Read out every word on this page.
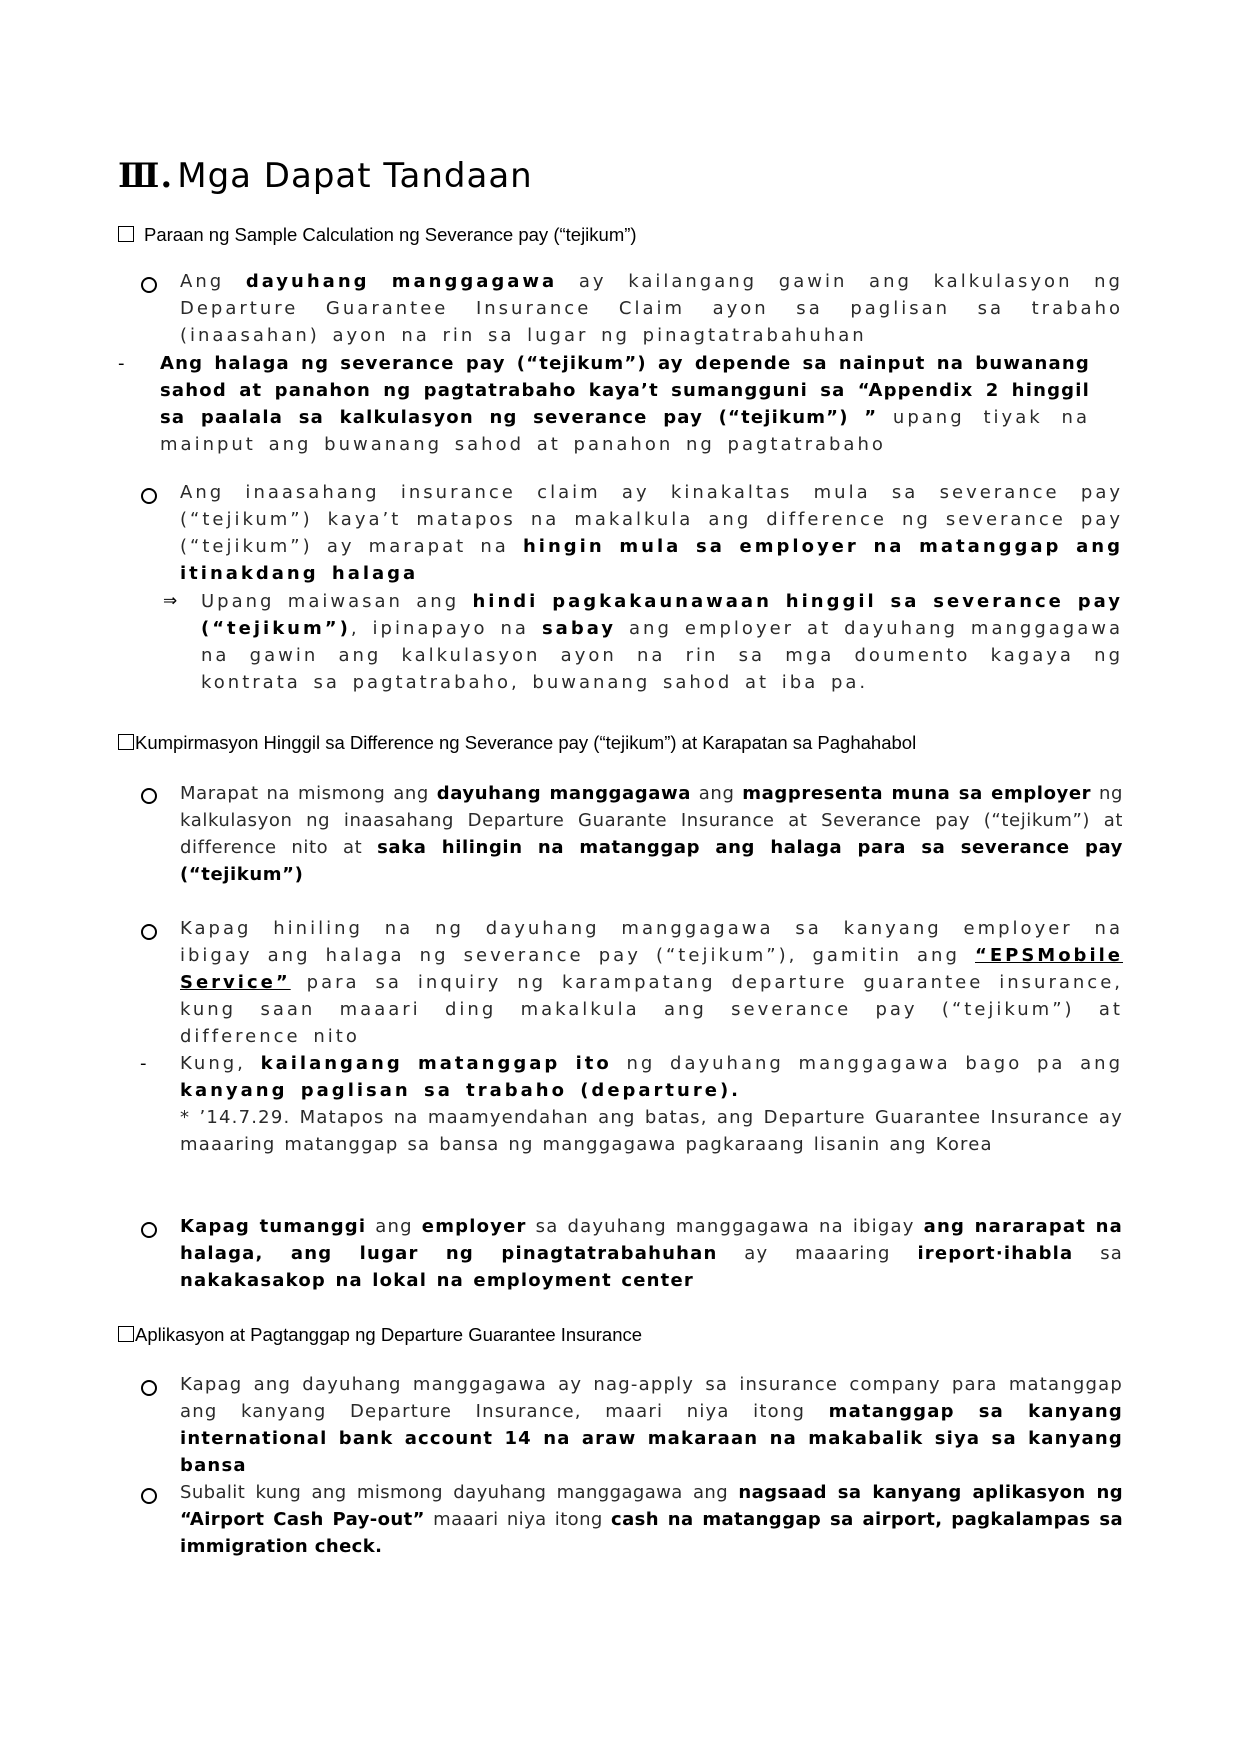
Ⅲ. Mga Dapat Tandaan
Paraan ng Sample Calculation ng Severance pay (“tejikum”)
Ang dayuhang manggagawa ay kailangang gawin ang kalkulasyon ng Departure Guarantee Insurance Claim ayon sa paglisan sa trabaho (inaasahan) ayon na rin sa lugar ng pinagtatrabahuhan
- Ang halaga ng severance pay (“tejikum”) ay depende sa nainput na buwanang sahod at panahon ng pagtatrabaho kaya’t sumangguni sa “Appendix 2 hinggil sa paalala sa kalkulasyon ng severance pay (“tejikum”) ” upang tiyak na mainput ang buwanang sahod at panahon ng pagtatrabaho
Ang inaasahang insurance claim ay kinakaltas mula sa severance pay (“tejikum”) kaya’t matapos na makalkula ang difference ng severance pay (“tejikum”) ay marapat na hingin mula sa employer na matanggap ang itinakdang halaga
⇒ Upang maiwasan ang hindi pagkakaunawaan hinggil sa severance pay (“tejikum”), ipinapayo na sabay ang employer at dayuhang manggagawa na gawin ang kalkulasyon ayon na rin sa mga doumento kagaya ng kontrata sa pagtatrabaho, buwanang sahod at iba pa.
Kumpirmasyon Hinggil sa Difference ng Severance pay (“tejikum”) at Karapatan sa Paghahabol
Marapat na mismong ang dayuhang manggagawa ang magpresenta muna sa employer ng kalkulasyon ng inaasahang Departure Guarante Insurance at Severance pay (“tejikum”) at difference nito at saka hilingin na matanggap ang halaga para sa severance pay (“tejikum”)
Kapag hiniling na ng dayuhang manggagawa sa kanyang employer na ibigay ang halaga ng severance pay (“tejikum”), gamitin ang “EPSMobile Service” para sa inquiry ng karampatang departure guarantee insurance, kung saan maaari ding makalkula ang severance pay (“tejikum”) at difference nito
- Kung, kailangang matanggap ito ng dayuhang manggagawa bago pa ang kanyang paglisan sa trabaho (departure).
* ’14.7.29. Matapos na maamyendahan ang batas, ang Departure Guarantee Insurance ay maaaring matanggap sa bansa ng manggagawa pagkaraang lisanin ang Korea
Kapag tumanggi ang employer sa dayuhang manggagawa na ibigay ang nararapat na halaga, ang lugar ng pinagtatrabahuhan ay maaaring ireport·ihabla sa nakakasakop na lokal na employment center
Aplikasyon at Pagtanggap ng Departure Guarantee Insurance
Kapag ang dayuhang manggagawa ay nag-apply sa insurance company para matanggap ang kanyang Departure Insurance, maari niya itong matanggap sa kanyang international bank account 14 na araw makaraan na makabalik siya sa kanyang bansa
Subalit kung ang mismong dayuhang manggagawa ang nagsaad sa kanyang aplikasyon ng “Airport Cash Pay-out” maaari niya itong cash na matanggap sa airport, pagkalampas sa immigration check.
